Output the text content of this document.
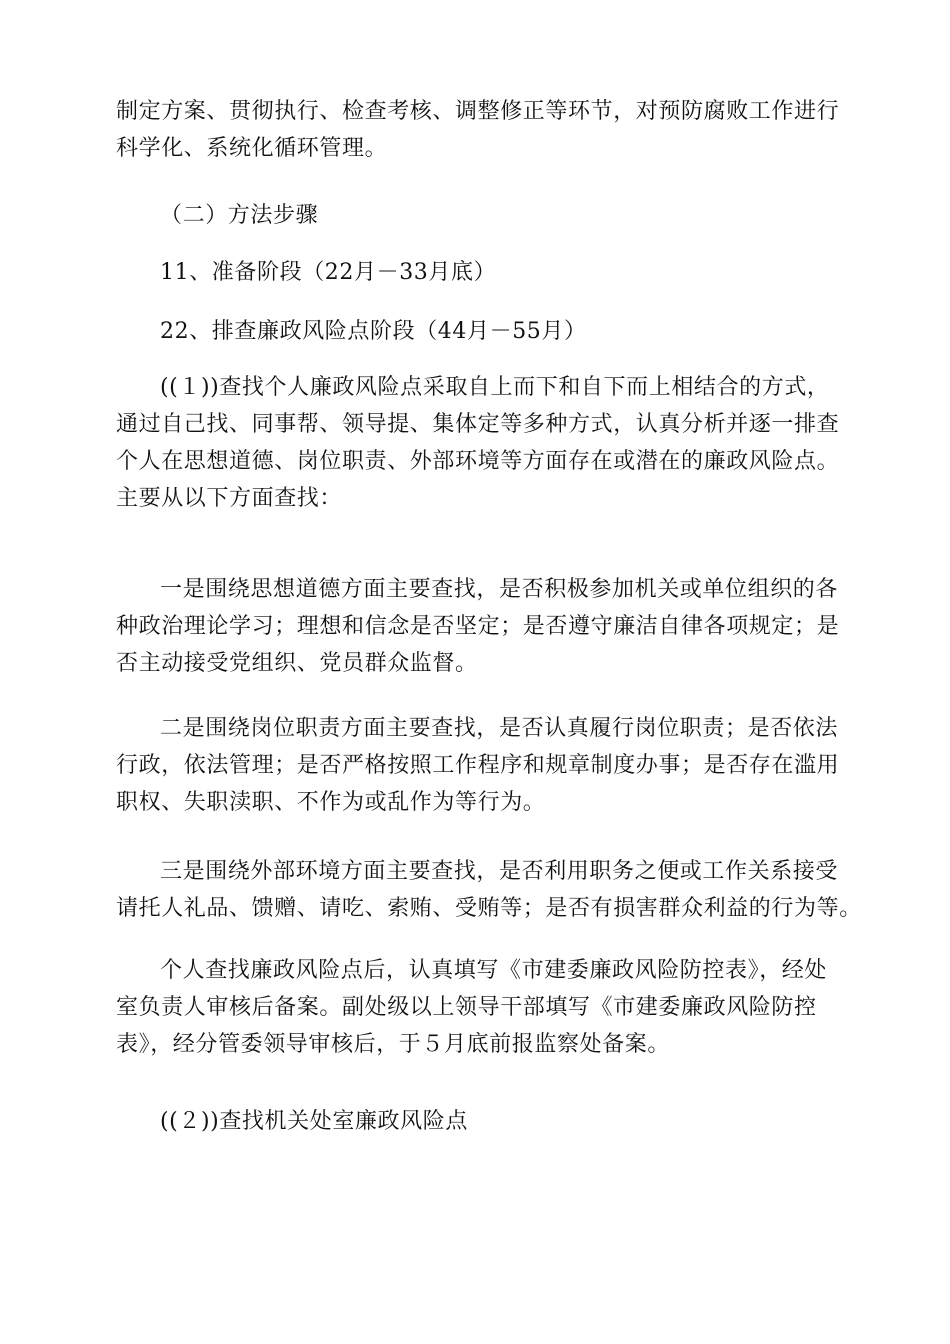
制定方案、贯彻执行、检查考核、调整修正等环节，对预防腐败工作进行
科学化、系统化循环管理。

（二）方法步骤

11、准备阶段（22月－33月底）

22、排查廉政风险点阶段（44月－55月）

((１))查找个人廉政风险点采取自上而下和自下而上相结合的方式，
通过自己找、同事帮、领导提、集体定等多种方式，认真分析并逐一排查
个人在思想道德、岗位职责、外部环境等方面存在或潜在的廉政风险点。
主要从以下方面查找：

一是围绕思想道德方面主要查找，是否积极参加机关或单位组织的各
种政治理论学习；理想和信念是否坚定；是否遵守廉洁自律各项规定；是
否主动接受党组织、党员群众监督。

二是围绕岗位职责方面主要查找，是否认真履行岗位职责；是否依法
行政，依法管理；是否严格按照工作程序和规章制度办事；是否存在滥用
职权、失职渎职、不作为或乱作为等行为。

三是围绕外部环境方面主要查找，是否利用职务之便或工作关系接受
请托人礼品、馈赠、请吃、索贿、受贿等；是否有损害群众利益的行为等。

个人查找廉政风险点后，认真填写《市建委廉政风险防控表》，经处
室负责人审核后备案。副处级以上领导干部填写《市建委廉政风险防控
表》，经分管委领导审核后，于５月底前报监察处备案。

((２))查找机关处室廉政风险点
